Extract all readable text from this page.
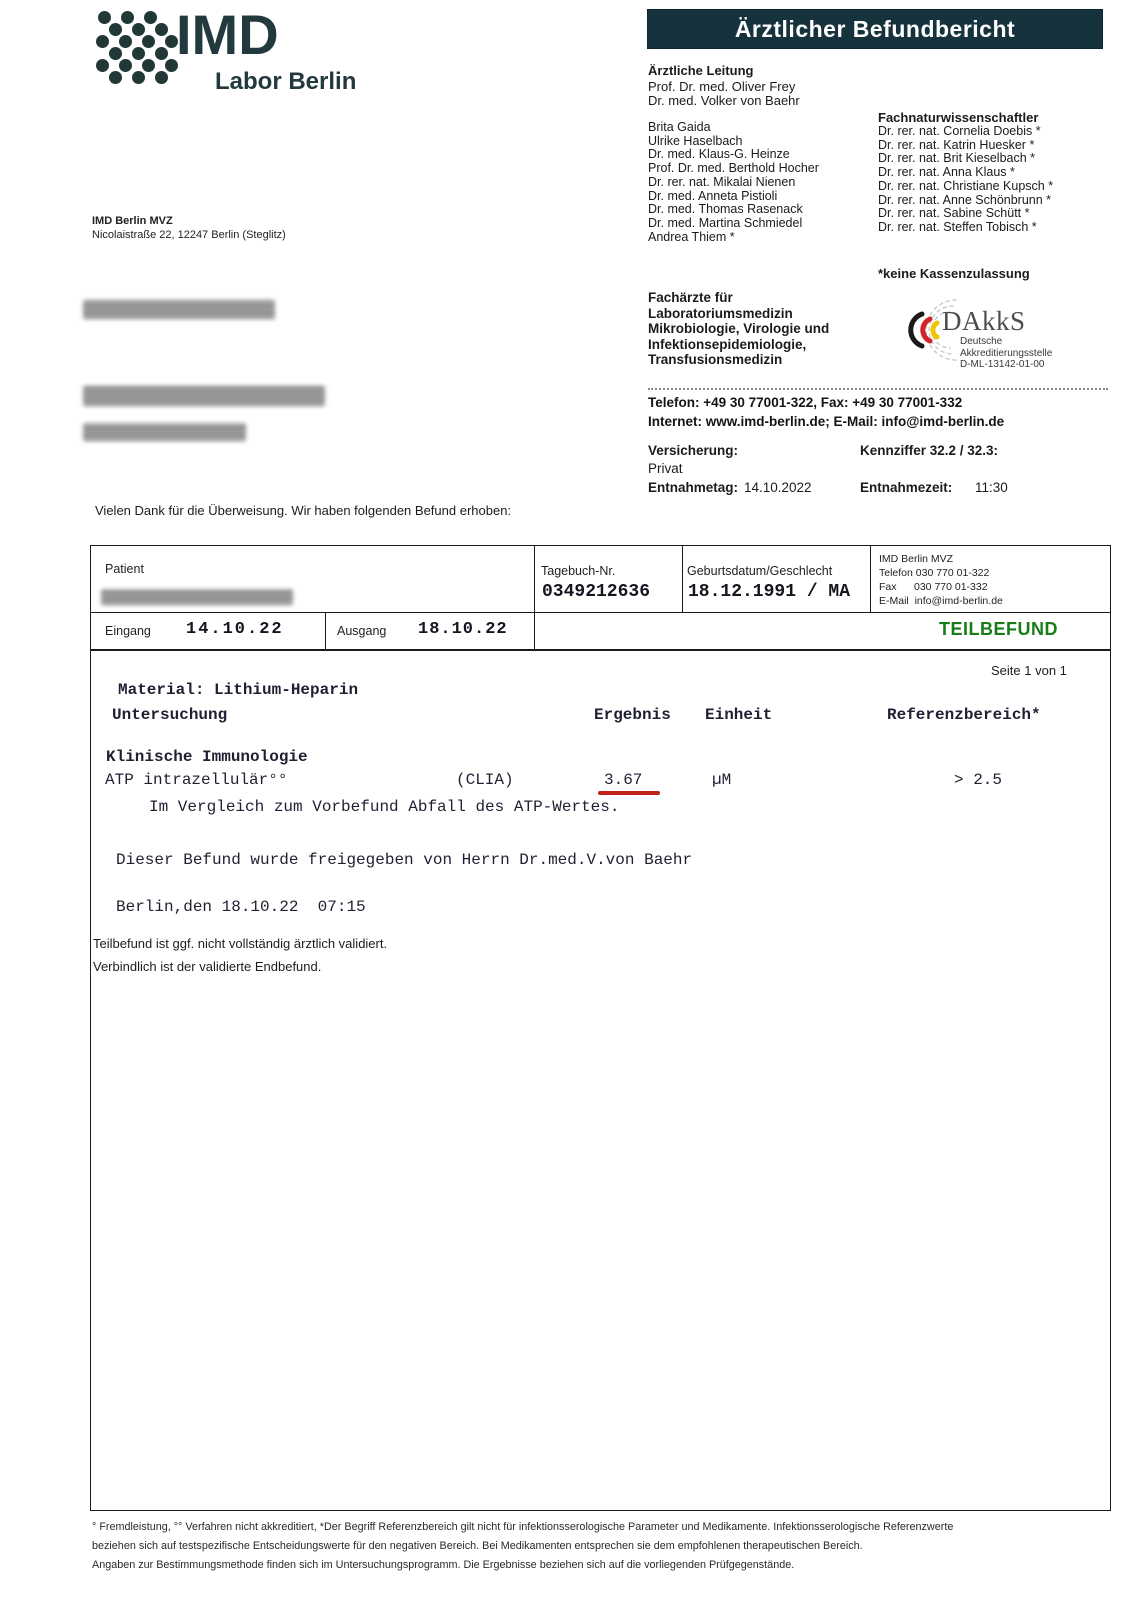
IMD
Labor Berlin
IMD Berlin MVZ
Nicolaistraße 22, 12247 Berlin (Steglitz)
Ärztlicher Befundbericht
Ärztliche Leitung
Prof. Dr. med. Oliver Frey
Dr. med. Volker von Baehr
Fachnaturwissenschaftler
Brita Gaida
Ulrike Haselbach
Dr. med. Klaus-G. Heinze
Prof. Dr. med. Berthold Hocher
Dr. rer. nat. Mikalai Nienen
Dr. med. Anneta Pistioli
Dr. med. Thomas Rasenack
Dr. med. Martina Schmiedel
Andrea Thiem *
Dr. rer. nat. Cornelia Doebis *
Dr. rer. nat. Katrin Huesker *
Dr. rer. nat. Brit Kieselbach *
Dr. rer. nat. Anna Klaus *
Dr. rer. nat. Christiane Kupsch *
Dr. rer. nat. Anne Schönbrunn *
Dr. rer. nat. Sabine Schütt *
Dr. rer. nat. Steffen Tobisch *
*keine Kassenzulassung
Fachärzte für
Laboratoriumsmedizin
Mikrobiologie, Virologie und
Infektionsepidemiologie,
Transfusionsmedizin
DAkkS
Deutsche
Akkreditierungsstelle
D-ML-13142-01-00
Telefon: +49 30 77001-322, Fax: +49 30 77001-332
Internet: www.imd-berlin.de; E-Mail: info@imd-berlin.de
Versicherung:	Kennziffer 32.2 / 32.3:
Privat
Entnahmetag: 14.10.2022	Entnahmezeit: 11:30
Vielen Dank für die Überweisung. Wir haben folgenden Befund erhoben:
Patient	Tagebuch-Nr.
0349212636
Geburtsdatum/Geschlecht
18.12.1991 / MA
IMD Berlin MVZ
Telefon 030 770 01-322
Fax      030 770 01-332
E-Mail  info@imd-berlin.de
Eingang 14.10.22	Ausgang 18.10.22	TEILBEFUND
Seite 1 von 1
Material: Lithium-Heparin
Untersuchung	Ergebnis Einheit	Referenzbereich*
Klinische Immunologie
ATP intrazellulär°°	(CLIA)	3.67	µM	> 2.5
Im Vergleich zum Vorbefund Abfall des ATP-Wertes.
Dieser Befund wurde freigegeben von Herrn Dr.med.V.von Baehr
Berlin,den 18.10.22  07:15
Teilbefund ist ggf. nicht vollständig ärztlich validiert.
Verbindlich ist der validierte Endbefund.
° Fremdleistung, °° Verfahren nicht akkreditiert, *Der Begriff Referenzbereich gilt nicht für infektionsserologische Parameter und Medikamente. Infektionsserologische Referenzwerte
beziehen sich auf testspezifische Entscheidungswerte für den negativen Bereich. Bei Medikamenten entsprechen sie dem empfohlenen therapeutischen Bereich.
Angaben zur Bestimmungsmethode finden sich im Untersuchungsprogramm. Die Ergebnisse beziehen sich auf die vorliegenden Prüfgegenstände.
